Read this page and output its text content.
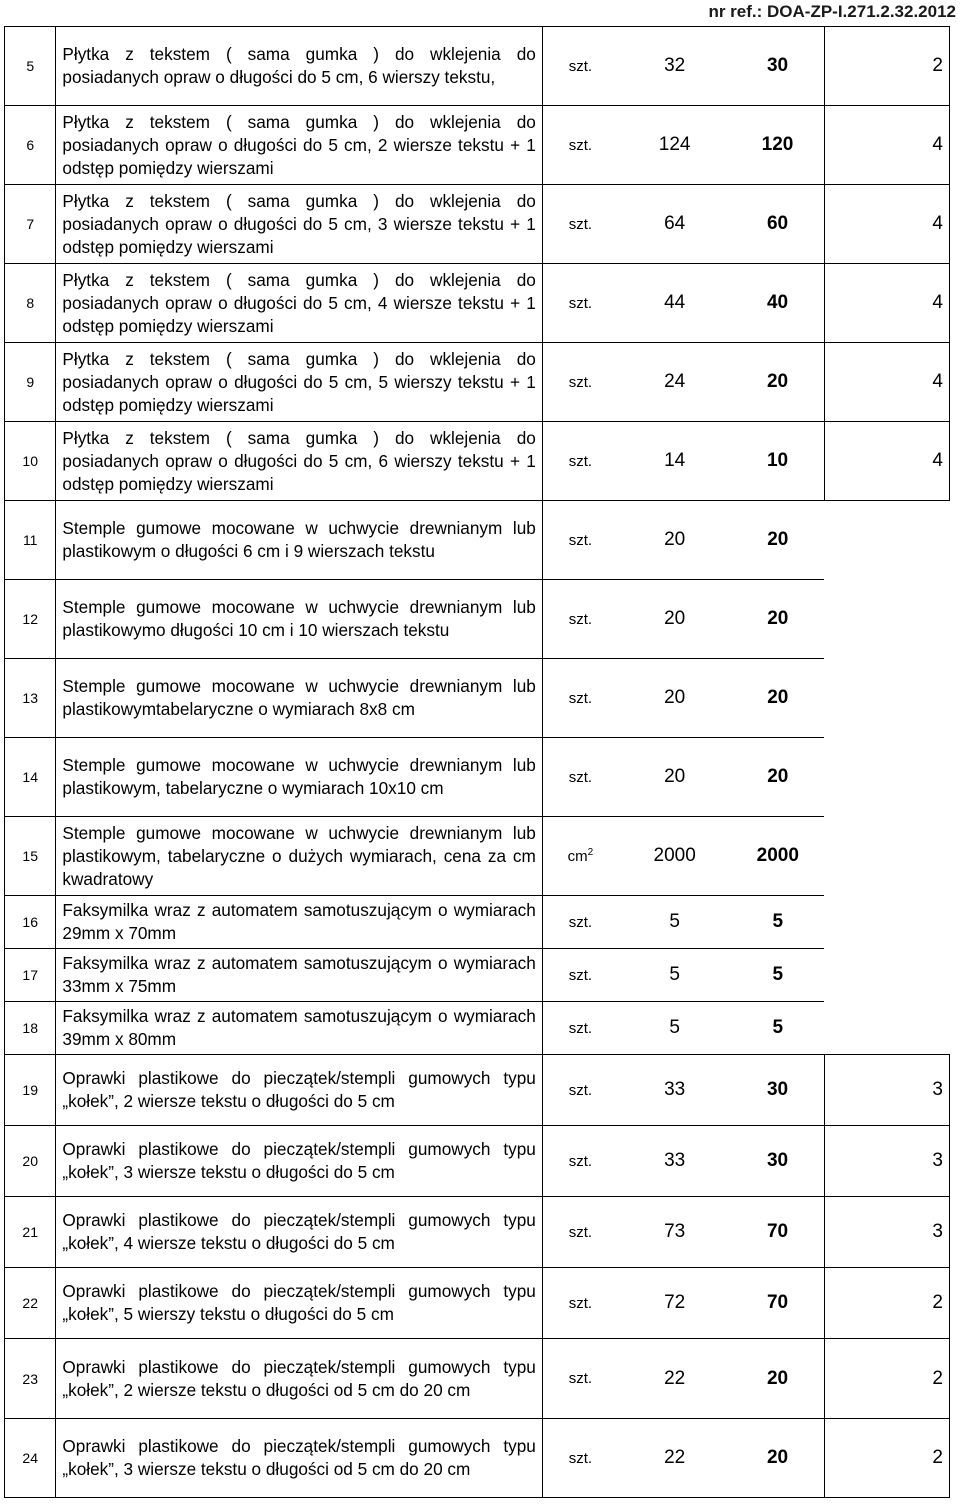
nr ref.: DOA-ZP-I.271.2.32.2012
5	Płytka z tekstem ( sama gumka ) do wklejenia do posiadanych opraw o długości do 5 cm, 6 wierszy tekstu,	szt.	32	30	2
6	Płytka z tekstem ( sama gumka ) do wklejenia do posiadanych opraw o długości do 5 cm, 2 wiersze tekstu + 1 odstęp pomiędzy wierszami	szt.	124	120	4
7	Płytka z tekstem ( sama gumka ) do wklejenia do posiadanych opraw o długości do 5 cm, 3 wiersze tekstu + 1 odstęp pomiędzy wierszami	szt.	64	60	4
8	Płytka z tekstem ( sama gumka ) do wklejenia do posiadanych opraw o długości do 5 cm, 4 wiersze tekstu + 1 odstęp pomiędzy wierszami	szt.	44	40	4
9	Płytka z tekstem ( sama gumka ) do wklejenia do posiadanych opraw o długości do 5 cm, 5 wierszy tekstu + 1 odstęp pomiędzy wierszami	szt.	24	20	4
10	Płytka z tekstem ( sama gumka ) do wklejenia do posiadanych opraw o długości do 5 cm, 6 wierszy tekstu + 1 odstęp pomiędzy wierszami	szt.	14	10	4
11	Stemple gumowe mocowane w uchwycie drewnianym lub plastikowym o długości 6 cm i 9 wierszach tekstu	szt.	20	20	
12	Stemple gumowe mocowane w uchwycie drewnianym lub plastikowymo długości 10 cm i 10 wierszach tekstu	szt.	20	20	
13	Stemple gumowe mocowane w uchwycie drewnianym lub plastikowymtabelaryczne o wymiarach 8x8 cm	szt.	20	20	
14	Stemple gumowe mocowane w uchwycie drewnianym lub plastikowym, tabelaryczne o wymiarach 10x10 cm	szt.	20	20	
15	Stemple gumowe mocowane w uchwycie drewnianym lub plastikowym, tabelaryczne o dużych wymiarach, cena za cm kwadratowy	$cm^2$	2000	2000	
16	Faksymilka wraz z automatem samotuszującym o wymiarach 29mm x 70mm	szt.	5	5	
17	Faksymilka wraz z automatem samotuszującym o wymiarach 33mm x 75mm	szt.	5	5	
18	Faksymilka wraz z automatem samotuszującym o wymiarach 39mm x 80mm	szt.	5	5	
19	Oprawki plastikowe do pieczątek/stempli gumowych typu „kołek”, 2 wiersze tekstu o długości do 5 cm	szt.	33	30	3
20	Oprawki plastikowe do pieczątek/stempli gumowych typu „kołek”, 3 wiersze tekstu o długości do 5 cm	szt.	33	30	3
21	Oprawki plastikowe do pieczątek/stempli gumowych typu „kołek”, 4 wiersze tekstu o długości do 5 cm	szt.	73	70	3
22	Oprawki plastikowe do pieczątek/stempli gumowych typu „kołek”, 5 wierszy tekstu o długości do 5 cm	szt.	72	70	2
23	Oprawki plastikowe do pieczątek/stempli gumowych typu „kołek”, 2 wiersze tekstu o długości od 5 cm do 20 cm	szt.	22	20	2
24	Oprawki plastikowe do pieczątek/stempli gumowych typu „kołek”, 3 wiersze tekstu o długości od 5 cm do 20 cm	szt.	22	20	2
